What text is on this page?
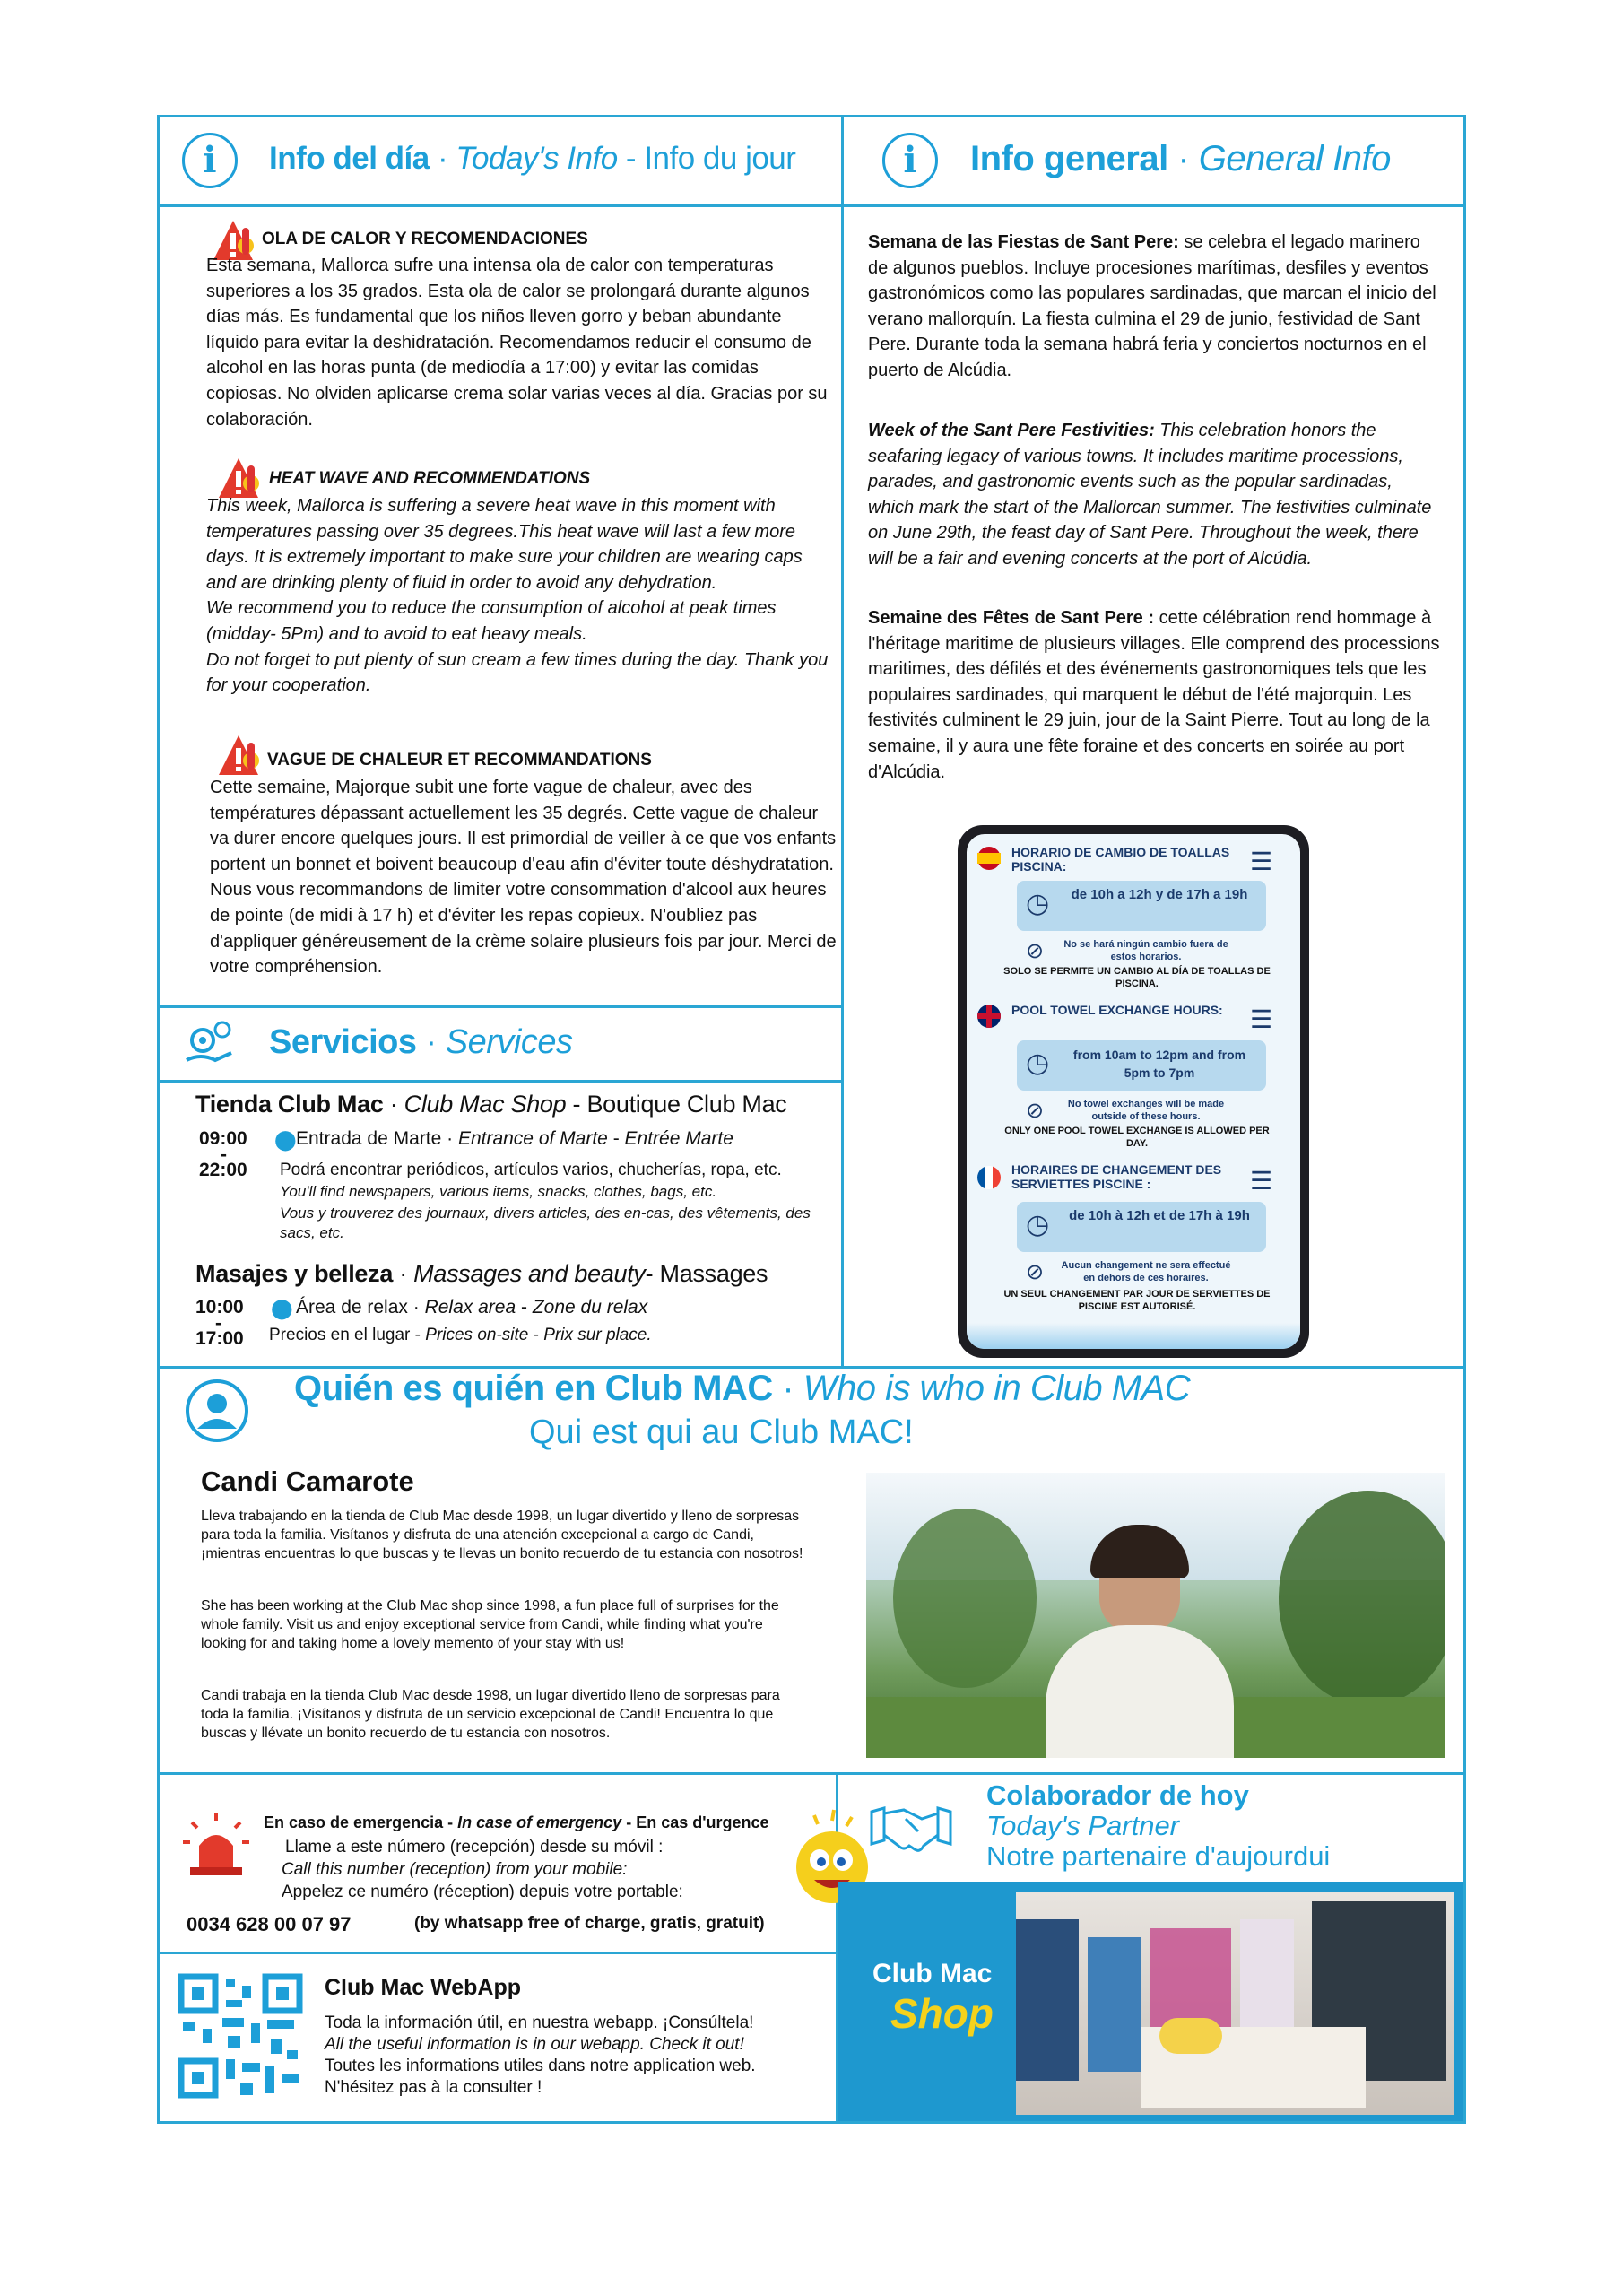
i	Info del día · Today's Info - Info du jour	i	Info general · General Info
OLA DE CALOR Y RECOMENDACIONES
Esta semana, Mallorca sufre una intensa ola de calor con temperaturas superiores a los 35 grados. Esta ola de calor se prolongará durante algunos días más. Es fundamental que los niños lleven gorro y beban abundante líquido para evitar la deshidratación. Recomendamos reducir el consumo de alcohol en las horas punta (de mediodía a 17:00) y evitar las comidas copiosas. No olviden aplicarse crema solar varias veces al día. Gracias por su colaboración.
HEAT WAVE AND RECOMMENDATIONS

This week, Mallorca is suffering a severe heat wave in this moment with temperatures passing over 35 degrees.This heat wave will last a few more days. It is extremely important to make sure your children are wearing caps and are drinking plenty of fluid in order to avoid any dehydration.

We recommend you to reduce the consumption of alcohol at peak times (midday- 5Pm) and to avoid to eat heavy meals.

Do not forget to put plenty of sun cream a few times during the day. Thank you for your cooperation.

VAGUE DE CHALEUR ET RECOMMANDATIONS
Cette semaine, Majorque subit une forte vague de chaleur, avec des températures dépassant actuellement les 35 degrés. Cette vague de chaleur va durer encore quelques jours. Il est primordial de veiller à ce que vos enfants portent un bonnet et boivent beaucoup d'eau afin d'éviter toute déshydratation. Nous vous recommandons de limiter votre consommation d'alcool aux heures de pointe (de midi à 17 h) et d'éviter les repas copieux. N'oubliez pas d'appliquer généreusement de la crème solaire plusieurs fois par jour. Merci de votre compréhension.
Semana de las Fiestas de Sant Pere: se celebra el legado marinero de algunos pueblos. Incluye procesiones marítimas, desfiles y eventos gastronómicos como las populares sardinadas, que marcan el inicio del verano mallorquín. La fiesta culmina el 29 de junio, festividad de Sant Pere. Durante toda la semana habrá feria y conciertos nocturnos en el puerto de Alcúdia.
Week of the Sant Pere Festivities: This celebration honors the seafaring legacy of various towns. It includes maritime processions, parades, and gastronomic events such as the popular sardinadas, which mark the start of the Mallorcan summer. The festivities culminate on June 29th, the feast day of Sant Pere. Throughout the week, there will be a fair and evening concerts at the port of Alcúdia.
Semaine des Fêtes de Sant Pere : cette célébration rend hommage à l'héritage maritime de plusieurs villages. Elle comprend des processions maritimes, des défilés et des événements gastronomiques tels que les populaires sardinades, qui marquent le début de l'été majorquin. Les festivités culminent le 29 juin, jour de la Saint Pierre. Tout au long de la semaine, il y aura une fête foraine et des concerts en soirée au port d'Alcúdia.
HORARIO DE CAMBIO DE TOALLAS PISCINA:	☰
◷	de 10h a 12h y de 17h a 19h
⊘	No se hará ningún cambio fuera de estos horarios.
SOLO SE PERMITE UN CAMBIO AL DÍA DE TOALLAS DE PISCINA.
POOL TOWEL EXCHANGE HOURS:	☰
◷	from 10am to 12pm and from 5pm to 7pm
⊘	No towel exchanges will be made outside of these hours.
ONLY ONE POOL TOWEL EXCHANGE IS ALLOWED PER DAY.
HORAIRES DE CHANGEMENT DES SERVIETTES PISCINE :	☰
◷ de 10h à 12h et de 17h à 19h
⊘	Aucun changement ne sera effectué en dehors de ces horaires.
UN SEUL CHANGEMENT PAR JOUR DE SERVIETTES DE PISCINE EST AUTORISÉ.
Servicios · Services
Tienda Club Mac · Club Mac Shop - Boutique Club Mac
09:00
-
22:00
⬤ Entrada de Marte · Entrance of Marte - Entrée Marte
Podrá encontrar periódicos, artículos varios, chucherías, ropa, etc.
You'll find newspapers, various items, snacks, clothes, bags, etc.
Vous y trouverez des journaux, divers articles, des en-cas, des vêtements, des sacs, etc.
Masajes y belleza · Massages and beauty- Massages
10:00
-
17:00
⬤ Área de relax · Relax area - Zone du relax
Precios en el lugar - Prices on-site - Prix sur place.
Quién es quién en Club MAC · Who is who in Club MAC
Qui est qui au Club MAC!
Candi Camarote
Lleva trabajando en la tienda de Club Mac desde 1998, un lugar divertido y lleno de sorpresas para toda la familia. Visítanos y disfruta de una atención excepcional a cargo de Candi, ¡mientras encuentras lo que buscas y te llevas un bonito recuerdo de tu estancia con nosotros!
She has been working at the Club Mac shop since 1998, a fun place full of surprises for the whole family. Visit us and enjoy exceptional service from Candi, while finding what you're looking for and taking home a lovely memento of your stay with us!
Candi trabaja en la tienda Club Mac desde 1998, un lugar divertido lleno de sorpresas para toda la familia. ¡Visítanos y disfruta de un servicio excepcional de Candi! Encuentra lo que buscas y llévate un bonito recuerdo de tu estancia con nosotros.
En caso de emergencia - In case of emergency - En cas d'urgence
Llame a este número (recepción) desde su móvil :
Call this number (reception) from your mobile:
Appelez ce numéro (réception) depuis votre portable:
0034 628 00 07 97	(by whatsapp free of charge, gratis, gratuit)
Club Mac WebApp
Toda la información útil, en nuestra webapp. ¡Consúltela!
All the useful information is in our webapp. Check it out!
Toutes les informations utiles dans notre application web. N'hésitez pas à la consulter !
Colaborador de hoy
Today's Partner
Notre partenaire d'aujourdui
Club Mac
Shop
